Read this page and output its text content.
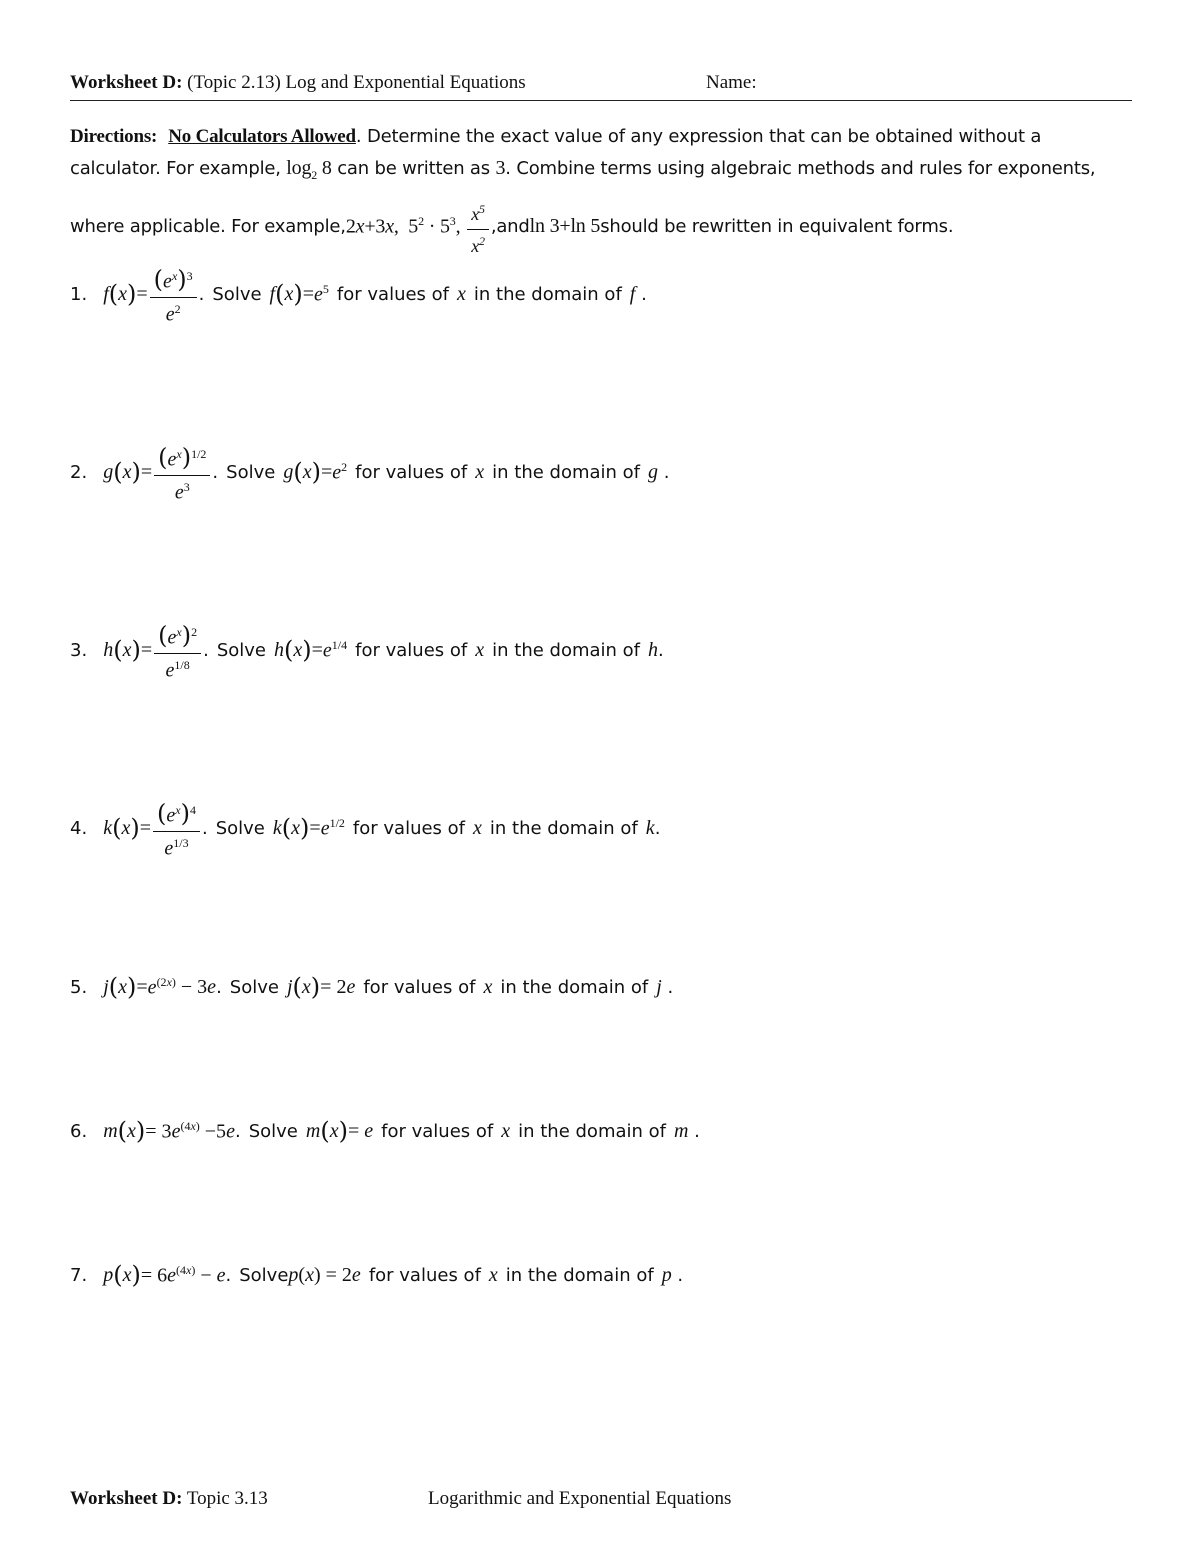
Worksheet D: (Topic 2.13) Log and Exponential Equations	Name:
Directions: No Calculators Allowed. Determine the exact value of any expression that can be obtained without a
calculator. For example, $\log_2 8$ can be written as 3. Combine terms using algebraic methods and rules for exponents,
where applicable. For example, 2x+3x,  $5^2 \cdot 5^3$, $\frac{x^5}{x^2}$ , and ln 3+ln 5 should be rewritten in equivalent forms.
1. f ( x ) = $\frac{(e^x)^3}{e^2}$ . Solve f ( x ) = $e^5$ for values of x in the domain of f .
2. g ( x ) = $\frac{(e^x)^{1/2}}{e^3}$ . Solve g ( x ) = $e^2$ for values of x in the domain of g .
3. h ( x ) = $\frac{(e^x)^2}{e^{1/8}}$ . Solve h ( x ) = $e^{1/4}$ for values of x in the domain of h .
4. k ( x ) = $\frac{(e^x)^4}{e^{1/3}}$ . Solve k ( x ) = $e^{1/2}$ for values of x in the domain of k .
5. j ( x ) = $e^{(2x)} - 3e$ . Solve j ( x ) = 2e for values of x in the domain of j .
6. m ( x ) = $3e^{(4x)} -5e$ . Solve m ( x ) = e for values of x in the domain of m .
7. p ( x ) = $6e^{(4x)} - e$ . Solve p(x) = 2e for values of x in the domain of p .
Worksheet D: Topic 3.13	Logarithmic and Exponential Equations
